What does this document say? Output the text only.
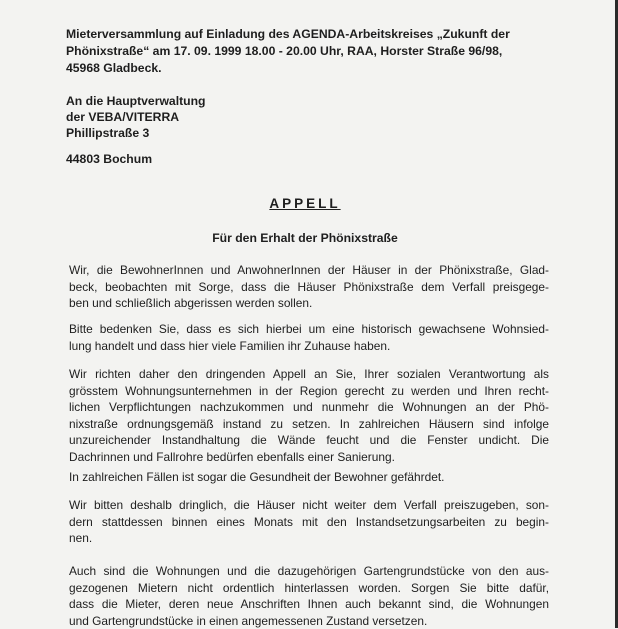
Mieterversammlung auf Einladung des AGENDA-Arbeitskreises „Zukunft der
Phönixstraße“ am 17. 09. 1999 18.00 - 20.00 Uhr, RAA, Horster Straße 96/98,
45968 Gladbeck.
An die Hauptverwaltung
der VEBA/VITERRA
Phillipstraße 3
44803 Bochum
APPELL
Für den Erhalt der Phönixstraße
Wir, die BewohnerInnen und AnwohnerInnen der Häuser in der Phönixstraße, Glad-
beck, beobachten mit Sorge, dass die Häuser Phönixstraße dem Verfall preisgege-
ben und schließlich abgerissen werden sollen.
Bitte bedenken Sie, dass es sich hierbei um eine historisch gewachsene Wohnsied-
lung handelt und dass hier viele Familien ihr Zuhause haben.
Wir richten daher den dringenden Appell an Sie, Ihrer sozialen Verantwortung als
grösstem Wohnungsunternehmen in der Region gerecht zu werden und Ihren recht-
lichen Verpflichtungen nachzukommen und nunmehr die Wohnungen an der Phö-
nixstraße ordnungsgemäß instand zu setzen. In zahlreichen Häusern sind infolge
unzureichender Instandhaltung die Wände feucht und die Fenster undicht. Die
Dachrinnen und Fallrohre bedürfen ebenfalls einer Sanierung.
In zahlreichen Fällen ist sogar die Gesundheit der Bewohner gefährdet.
Wir bitten deshalb dringlich, die Häuser nicht weiter dem Verfall preiszugeben, son-
dern stattdessen binnen eines Monats mit den Instandsetzungsarbeiten zu begin-
nen.
Auch sind die Wohnungen und die dazugehörigen Gartengrundstücke von den aus-
gezogenen Mietern nicht ordentlich hinterlassen worden. Sorgen Sie bitte dafür,
dass die Mieter, deren neue Anschriften Ihnen auch bekannt sind, die Wohnungen
und Gartengrundstücke in einen angemessenen Zustand versetzen.
